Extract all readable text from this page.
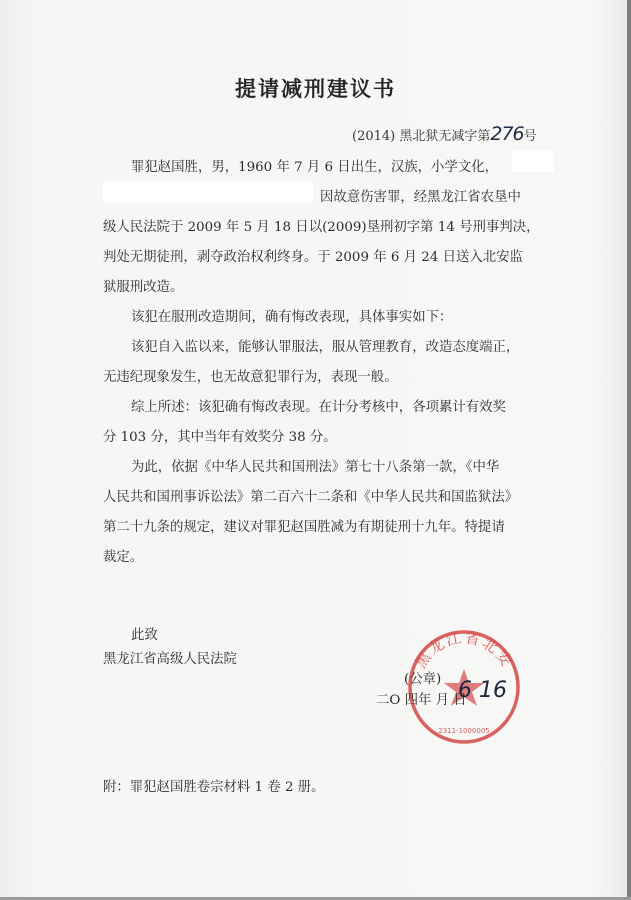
提请减刑建议书
(2014) 黑北狱无减字第276号
罪犯赵国胜，男，1960 年 7 月 6 日出生，汉族，小学文化，
因故意伤害罪，经黑龙江省农垦中
级人民法院于 2009 年 5 月 18 日以(2009)垦刑初字第 14 号刑事判决，
判处无期徒刑，剥夺政治权利终身。于 2009 年 6 月 24 日送入北安监
狱服刑改造。
该犯在服刑改造期间，确有悔改表现，具体事实如下：
该犯自入监以来，能够认罪服法，服从管理教育，改造态度端正，
无违纪现象发生，也无故意犯罪行为，表现一般。
综上所述：该犯确有悔改表现。在计分考核中，各项累计有效奖
分 103 分，其中当年有效奖分 38 分。
为此，依据《中华人民共和国刑法》第七十八条第一款，《中华
人民共和国刑事诉讼法》第二百六十二条和《中华人民共和国监狱法》
第二十九条的规定，建议对罪犯赵国胜减为有期徒刑十九年。特提请
裁定。
此致
黑龙江省高级人民法院	黑龙江省北安
2311-1000005
(公章)
二O 四年 月 日
6 16
附：罪犯赵国胜卷宗材料 1 卷 2 册。
